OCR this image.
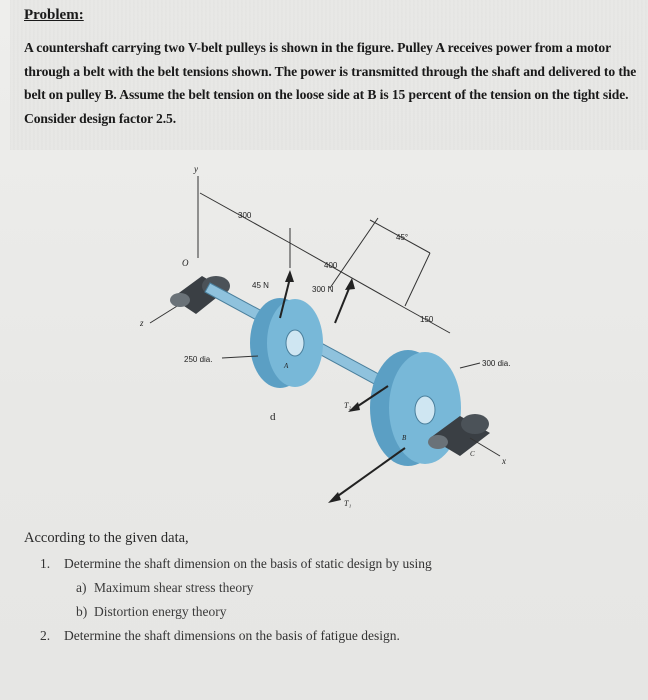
Problem:
A countershaft carrying two V-belt pulleys is shown in the figure. Pulley A receives power from a motor through a belt with the belt tensions shown. The power is transmitted through the shaft and delivered to the belt on pulley B. Assume the belt tension on the loose side at B is 15 percent of the tension on the tight side. Consider design factor 2.5.
y
O
z
x
300
400
150
45°
45 N	300 N
250 dia.	300 dia.
A
B
C
d
T₂
T₁
According to the given data,
1.	Determine the shaft dimension on the basis of static design by using
a) Maximum shear stress theory
b) Distortion energy theory
2.	Determine the shaft dimensions on the basis of fatigue design.
